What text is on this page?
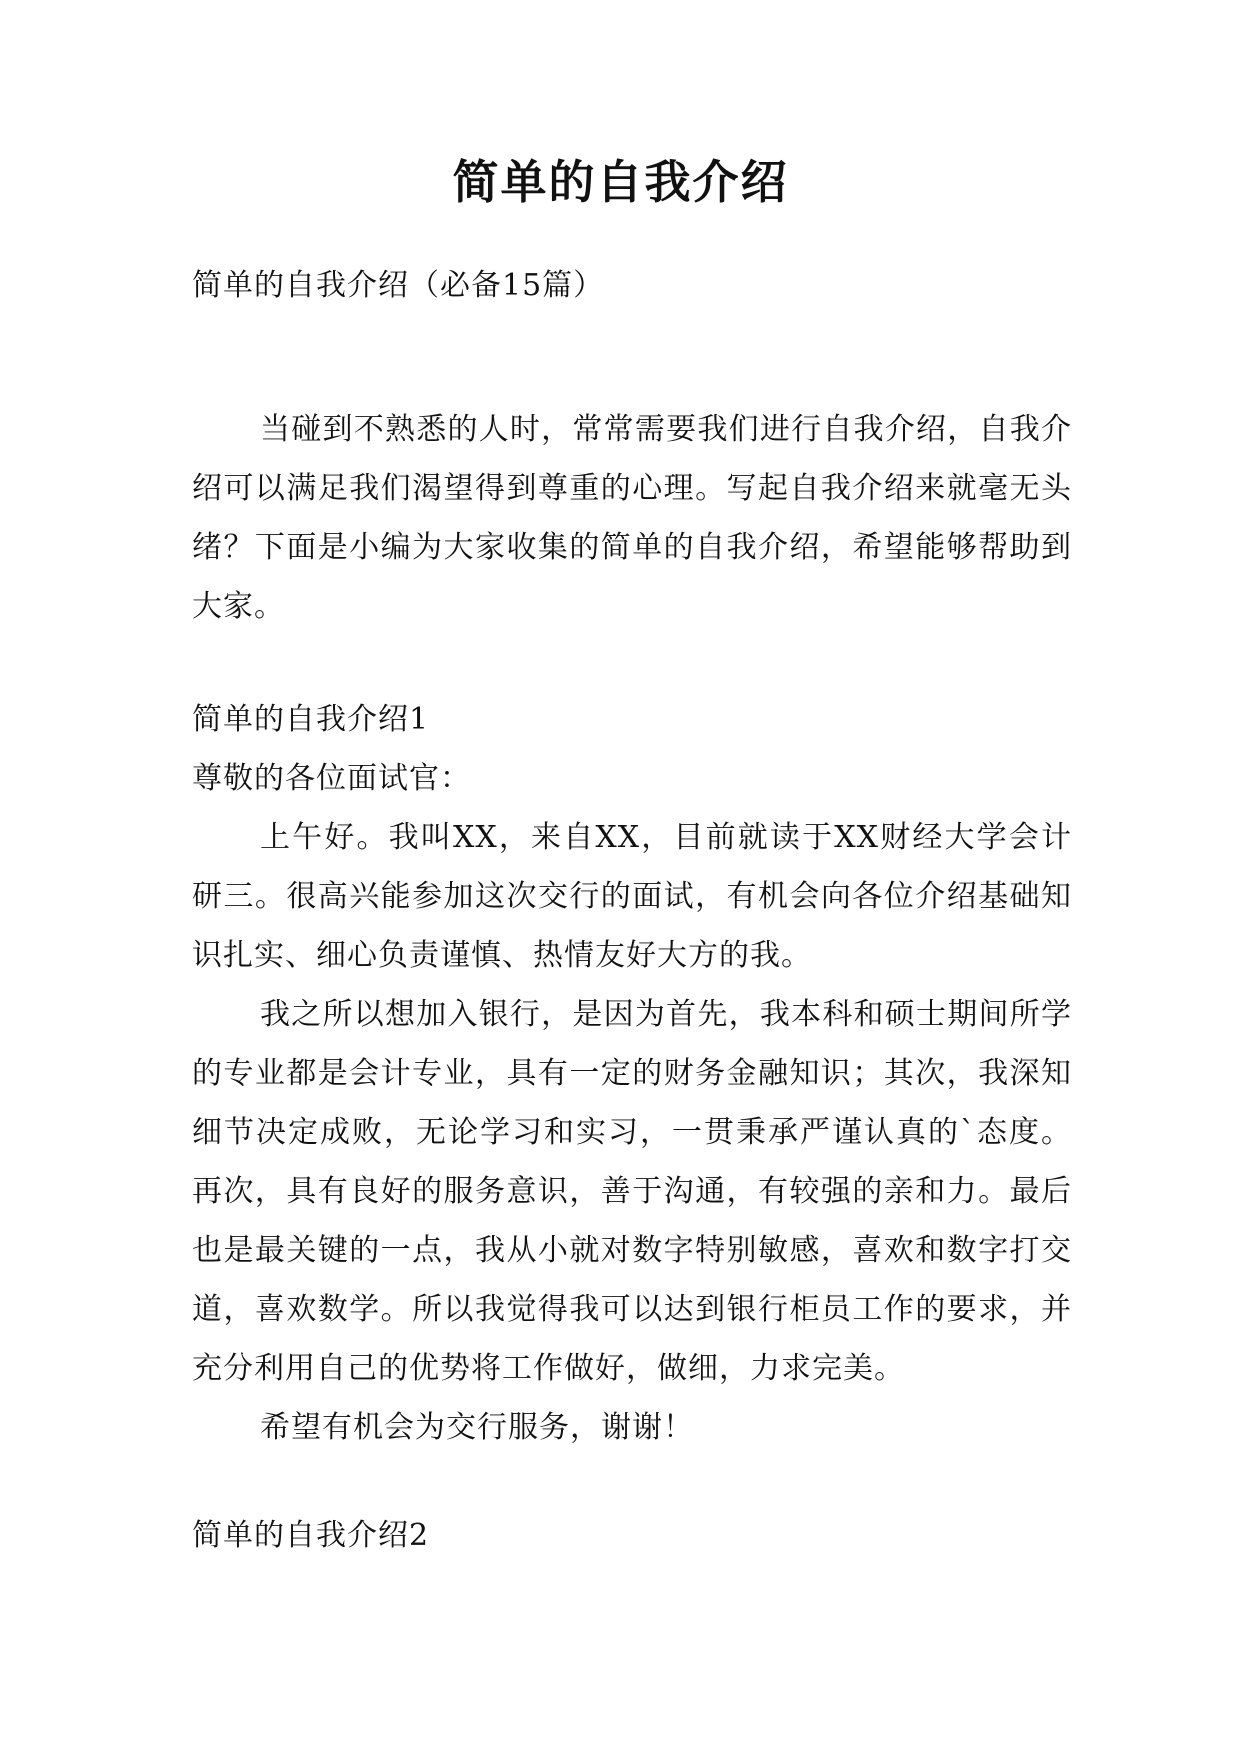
简单的自我介绍
简单的自我介绍（必备15篇）

当碰到不熟悉的人时，常常需要我们进行自我介绍，自我介绍可以满足我们渴望得到尊重的心理。写起自我介绍来就毫无头绪？下面是小编为大家收集的简单的自我介绍，希望能够帮助到大家。

简单的自我介绍1
尊敬的各位面试官：

上午好。我叫XX，来自XX，目前就读于XX财经大学会计研三。很高兴能参加这次交行的面试，有机会向各位介绍基础知识扎实、细心负责谨慎、热情友好大方的我。

我之所以想加入银行，是因为首先，我本科和硕士期间所学的专业都是会计专业，具有一定的财务金融知识；其次，我深知细节决定成败，无论学习和实习，一贯秉承严谨认真的`态度。再次，具有良好的服务意识，善于沟通，有较强的亲和力。最后也是最关键的一点，我从小就对数字特别敏感，喜欢和数字打交道，喜欢数学。所以我觉得我可以达到银行柜员工作的要求，并充分利用自己的优势将工作做好，做细，力求完美。

希望有机会为交行服务，谢谢！

简单的自我介绍2
